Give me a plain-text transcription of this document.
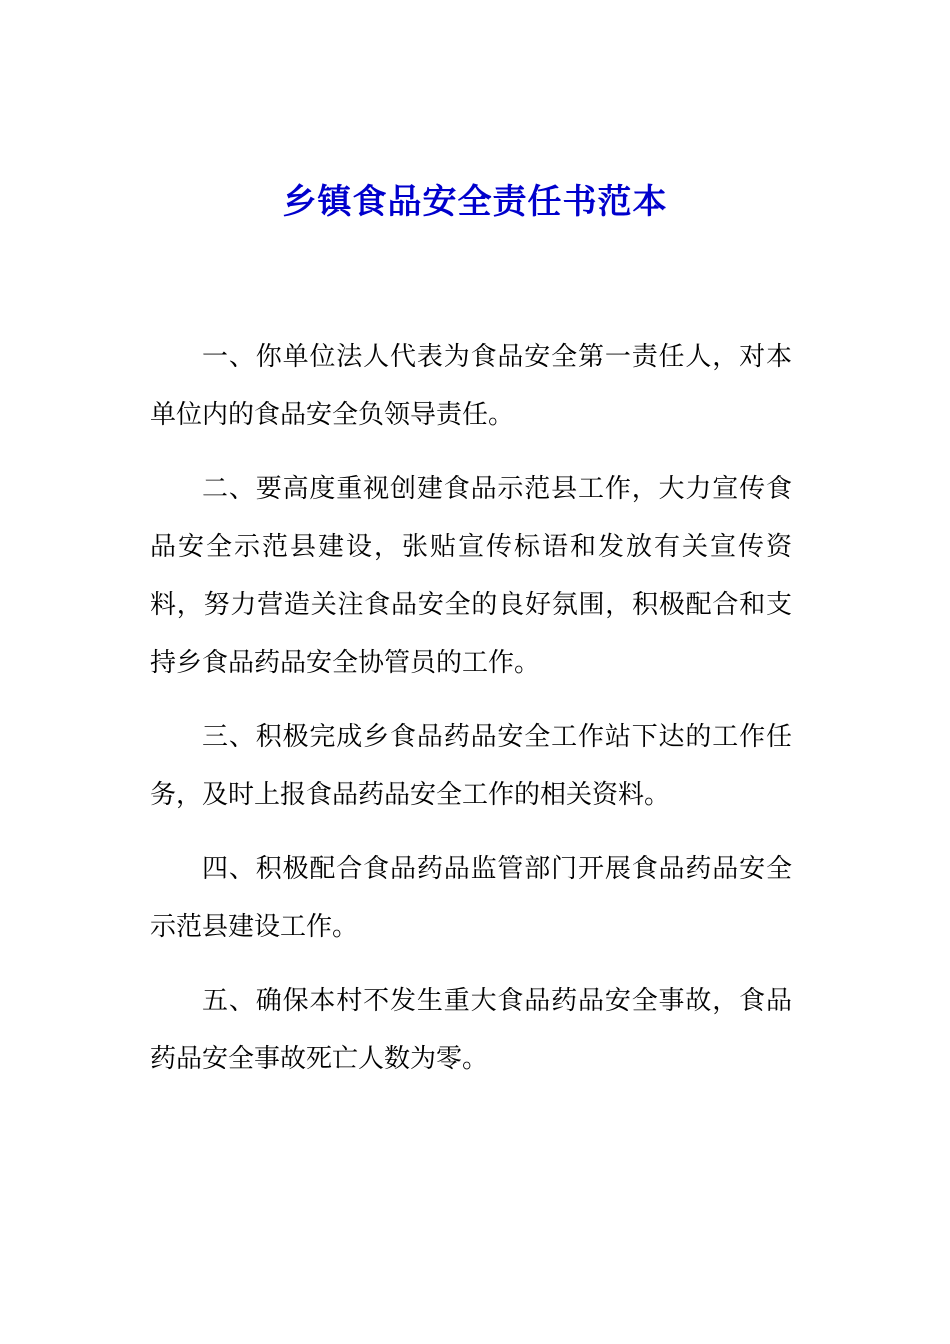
乡镇食品安全责任书范本

一、你单位法人代表为食品安全第一责任人，对本单位内的食品安全负领导责任。

二、要高度重视创建食品示范县工作，大力宣传食品安全示范县建设，张贴宣传标语和发放有关宣传资料，努力营造关注食品安全的良好氛围，积极配合和支持乡食品药品安全协管员的工作。

三、积极完成乡食品药品安全工作站下达的工作任务，及时上报食品药品安全工作的相关资料。

四、积极配合食品药品监管部门开展食品药品安全示范县建设工作。

五、确保本村不发生重大食品药品安全事故，食品药品安全事故死亡人数为零。
